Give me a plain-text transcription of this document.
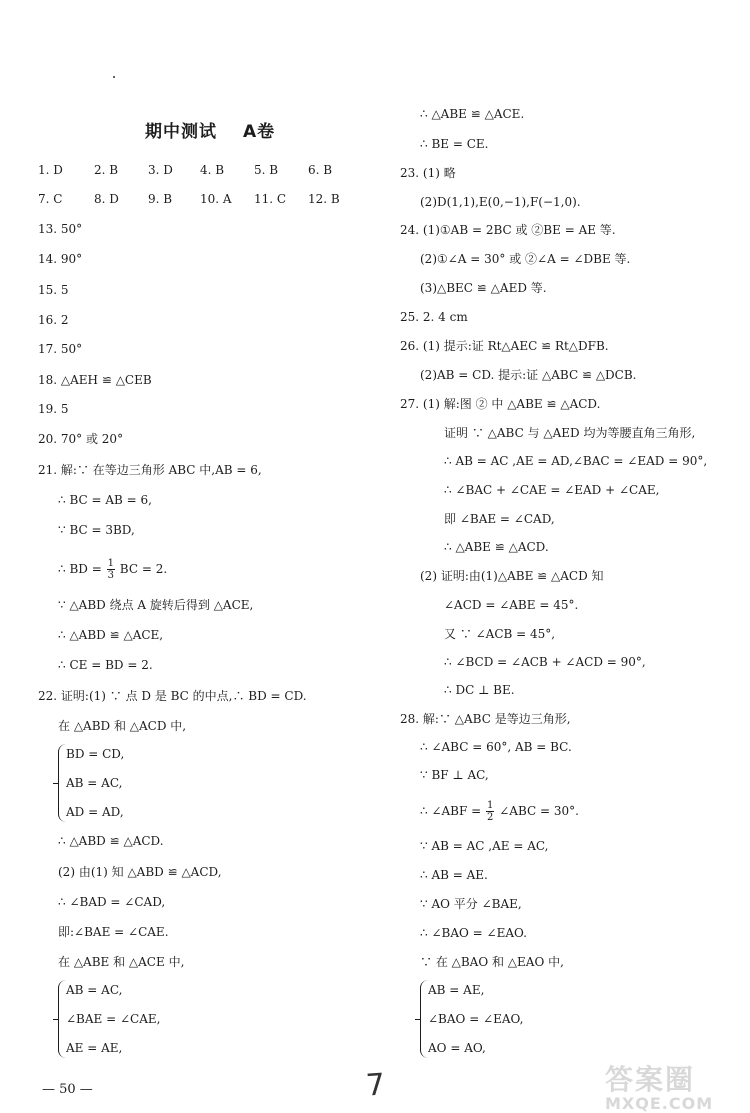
期中测试 A卷
1. D	2. B 3. D 4. B 5. B 6. B
7. C	8. D 9. B 10. A 11. C 12. B
13. 50°
14. 90°
15. 5
16. 2
17. 50°
18. △AEH ≌ △CEB
19. 5
20. 70° 或 20°
21. 解:∵ 在等边三角形 ABC 中,AB = 6,
∴ BC = AB = 6,
∵ BC = 3BD,
∴ BD = $\frac{1}{3}$ BC = 2.
∵ △ABD 绕点 A 旋转后得到 △ACE,
∴ △ABD ≌ △ACE,
∴ CE = BD = 2.
22. 证明:(1) ∵ 点 D 是 BC 的中点,∴ BD = CD.
在 △ABD 和 △ACD 中,
BD = CD,
AB = AC,
AD = AD,
∴ △ABD ≌ △ACD.
(2) 由(1) 知 △ABD ≌ △ACD,
∴ ∠BAD = ∠CAD,
即:∠BAE = ∠CAE.
在 △ABE 和 △ACE 中,
AB = AC,
∠BAE = ∠CAE,
AE = AE,
∴ △ABE ≌ △ACE.
∴ BE = CE.
23. (1) 略
(2)D(1,1),E(0,−1),F(−1,0).
24. (1)①AB = 2BC 或 ②BE = AE 等.
(2)①∠A = 30° 或 ②∠A = ∠DBE 等.
(3)△BEC ≌ △AED 等.
25. 2. 4 cm
26. (1) 提示:证 Rt△AEC ≌ Rt△DFB.
(2)AB = CD. 提示:证 △ABC ≌ △DCB.
27. (1) 解:图 ② 中 △ABE ≌ △ACD.
证明 ∵ △ABC 与 △AED 均为等腰直角三角形,
∴ AB = AC ,AE = AD,∠BAC = ∠EAD = 90°,
∴ ∠BAC + ∠CAE = ∠EAD + ∠CAE,
即 ∠BAE = ∠CAD,
∴ △ABE ≌ △ACD.
(2) 证明:由(1)△ABE ≌ △ACD 知
∠ACD = ∠ABE = 45°.
又 ∵ ∠ACB = 45°,
∴ ∠BCD = ∠ACB + ∠ACD = 90°,
∴ DC ⊥ BE.
28. 解:∵ △ABC 是等边三角形,
∴ ∠ABC = 60°, AB = BC.
∵ BF ⊥ AC,
∴ ∠ABF = $\frac{1}{2}$ ∠ABC = 30°.
∵ AB = AC ,AE = AC,
∴ AB = AE.
∵ AO 平分 ∠BAE,
∴ ∠BAO = ∠EAO.
∵ 在 △BAO 和 △EAO 中,
AB = AE,
∠BAO = ∠EAO,
AO = AO,
— 50 —	7	答案圈
MXQE.COM
